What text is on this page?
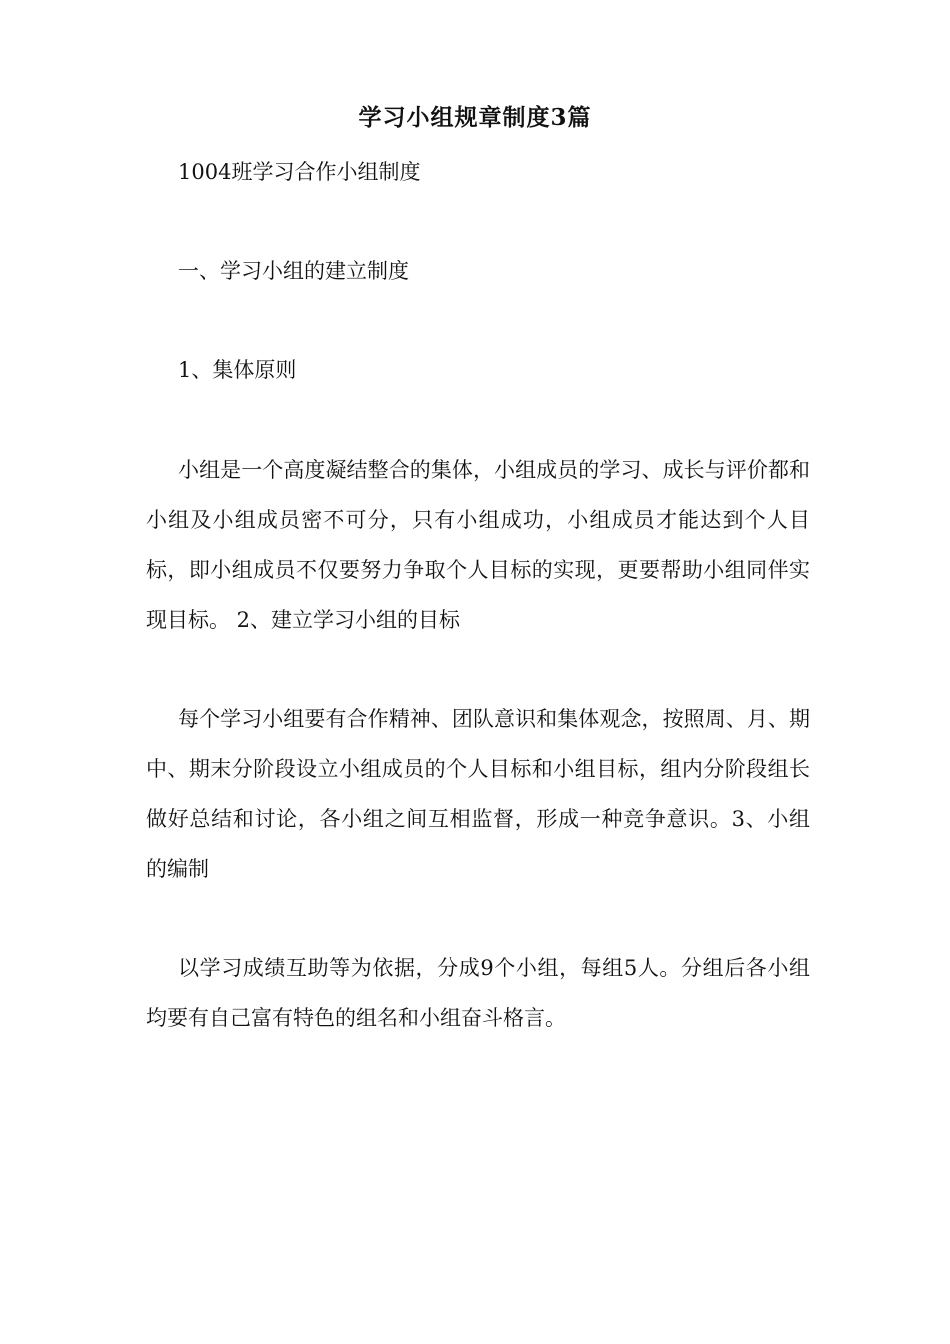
学习小组规章制度3篇

1004班学习合作小组制度

一、学习小组的建立制度

1、集体原则

小组是一个高度凝结整合的集体，小组成员的学习、成长与评价都和小组及小组成员密不可分，只有小组成功，小组成员才能达到个人目标，即小组成员不仅要努力争取个人目标的实现，更要帮助小组同伴实现目标。 2、建立学习小组的目标

每个学习小组要有合作精神、团队意识和集体观念，按照周、月、期中、期末分阶段设立小组成员的个人目标和小组目标，组内分阶段组长做好总结和讨论，各小组之间互相监督，形成一种竞争意识。3、小组的编制

以学习成绩互助等为依据，分成9个小组，每组5人。分组后各小组均要有自己富有特色的组名和小组奋斗格言。
